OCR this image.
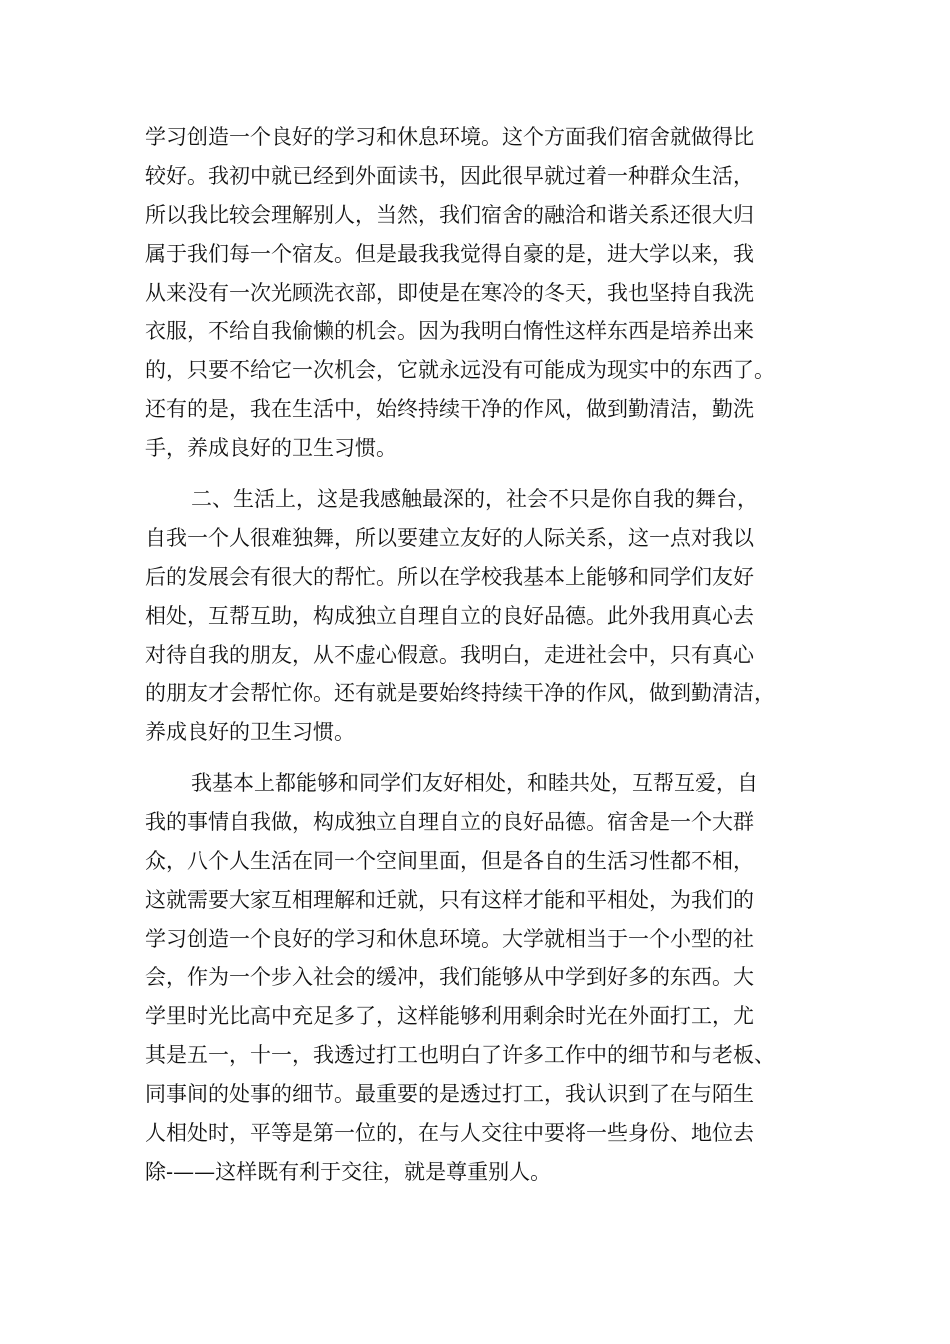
学习创造一个良好的学习和休息环境。这个方面我们宿舍就做得比
较好。我初中就已经到外面读书，因此很早就过着一种群众生活，
所以我比较会理解别人，当然，我们宿舍的融洽和谐关系还很大归
属于我们每一个宿友。但是最我我觉得自豪的是，进大学以来，我
从来没有一次光顾洗衣部，即使是在寒冷的冬天，我也坚持自我洗
衣服，不给自我偷懒的机会。因为我明白惰性这样东西是培养出来
的，只要不给它一次机会，它就永远没有可能成为现实中的东西了。
还有的是，我在生活中，始终持续干净的作风，做到勤清洁，勤洗
手，养成良好的卫生习惯。
二、生活上，这是我感触最深的，社会不只是你自我的舞台，
自我一个人很难独舞，所以要建立友好的人际关系，这一点对我以
后的发展会有很大的帮忙。所以在学校我基本上能够和同学们友好
相处，互帮互助，构成独立自理自立的良好品德。此外我用真心去
对待自我的朋友，从不虚心假意。我明白，走进社会中，只有真心
的朋友才会帮忙你。还有就是要始终持续干净的作风，做到勤清洁，
养成良好的卫生习惯。
我基本上都能够和同学们友好相处，和睦共处，互帮互爱，自
我的事情自我做，构成独立自理自立的良好品德。宿舍是一个大群
众，八个人生活在同一个空间里面，但是各自的生活习性都不相，
这就需要大家互相理解和迁就，只有这样才能和平相处，为我们的
学习创造一个良好的学习和休息环境。大学就相当于一个小型的社
会，作为一个步入社会的缓冲，我们能够从中学到好多的东西。大
学里时光比高中充足多了，这样能够利用剩余时光在外面打工，尤
其是五一，十一，我透过打工也明白了许多工作中的细节和与老板、
同事间的处事的细节。最重要的是透过打工，我认识到了在与陌生
人相处时，平等是第一位的，在与人交往中要将一些身份、地位去
除-——这样既有利于交往，就是尊重别人。
